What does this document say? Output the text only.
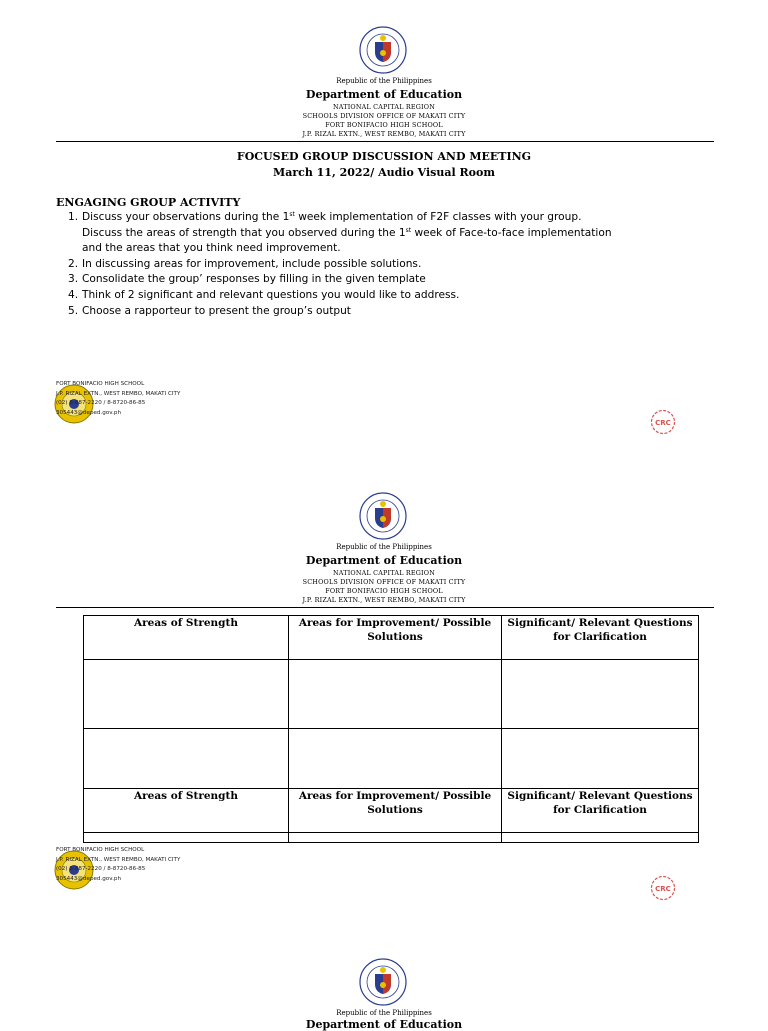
Republic of the Philippines
Department of Education
NATIONAL CAPITAL REGION
SCHOOLS DIVISION OFFICE OF MAKATI CITY
FORT BONIFACIO HIGH SCHOOL
J.P. RIZAL EXTN., WEST REMBO, MAKATI CITY
FOCUSED GROUP DISCUSSION AND MEETING
March 11, 2022/ Audio Visual Room
ENGAGING GROUP ACTIVITY
1. Discuss your observations during the 1st week implementation of F2F classes with your group.
Discuss the areas of strength that you observed during the 1st week of Face-to-face implementation
and the areas that you think need improvement.
2. In discussing areas for improvement, include possible solutions.
3. Consolidate the group’ responses by filling in the given template
4. Think of 2 significant and relevant questions you would like to address.
5. Choose a rapporteur to present the group’s output
FORT BONIFACIO HIGH SCHOOL
J.P. RIZAL EXTN., WEST REMBO, MAKATI CITY
(02) 8-887-2220 / 8-8720-86-85
305443@deped.gov.ph
CRC
Republic of the Philippines
Department of Education
NATIONAL CAPITAL REGION
SCHOOLS DIVISION OFFICE OF MAKATI CITY
FORT BONIFACIO HIGH SCHOOL
J.P. RIZAL EXTN., WEST REMBO, MAKATI CITY
Areas of Strength	Areas for Improvement/ Possible Solutions	Significant/ Relevant Questions for Clarification

Areas of Strength	Areas for Improvement/ Possible Solutions	Significant/ Relevant Questions for Clarification

FORT BONIFACIO HIGH SCHOOL
J.P. RIZAL EXTN., WEST REMBO, MAKATI CITY
(02) 8-887-2220 / 8-8720-86-85
305443@deped.gov.ph
CRC
Republic of the Philippines
Department of Education
